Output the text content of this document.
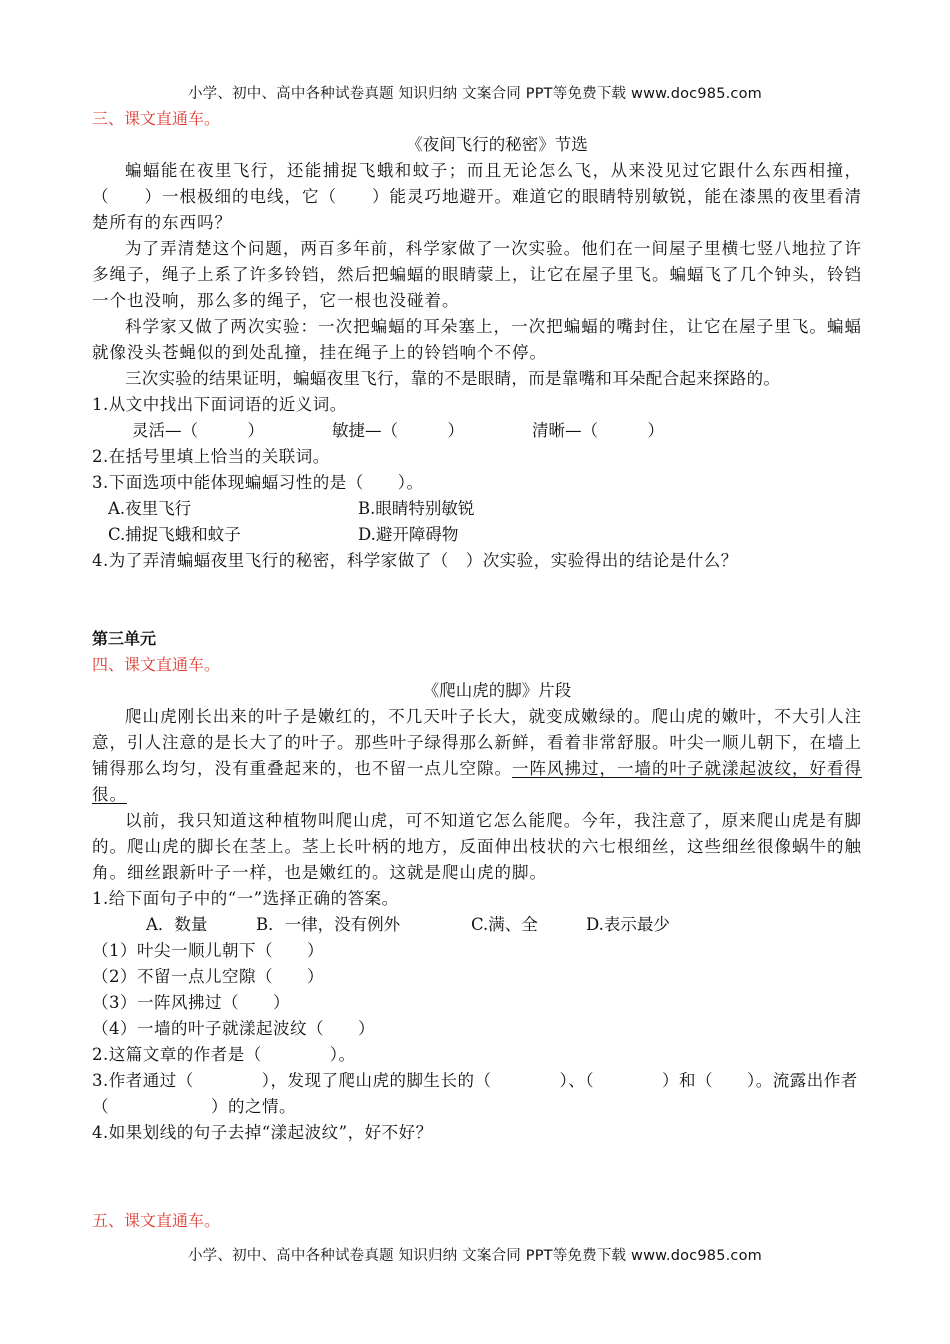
小学、初中、高中各种试卷真题 知识归纳 文案合同 PPT等免费下载 www.doc985.com

三、课文直通车。

《夜间飞行的秘密》节选

蝙蝠能在夜里飞行，还能捕捉飞蛾和蚊子；而且无论怎么飞，从来没见过它跟什么东西相撞，（　　）一根极细的电线，它（　　）能灵巧地避开。难道它的眼睛特别敏锐，能在漆黑的夜里看清楚所有的东西吗？

为了弄清楚这个问题，两百多年前，科学家做了一次实验。他们在一间屋子里横七竖八地拉了许多绳子，绳子上系了许多铃铛，然后把蝙蝠的眼睛蒙上，让它在屋子里飞。蝙蝠飞了几个钟头，铃铛一个也没响，那么多的绳子，它一根也没碰着。

科学家又做了两次实验：一次把蝙蝠的耳朵塞上，一次把蝙蝠的嘴封住，让它在屋子里飞。蝙蝠就像没头苍蝇似的到处乱撞，挂在绳子上的铃铛响个不停。

三次实验的结果证明，蝙蝠夜里飞行，靠的不是眼睛，而是靠嘴和耳朵配合起来探路的。

1.从文中找出下面词语的近义词。

灵活—（　　　）	敏捷—（　　　）	清晰—（　　　）

2.在括号里填上恰当的关联词。

3.下面选项中能体现蝙蝠习性的是（　　）。

A.夜里飞行	B.眼睛特别敏锐
C.捕捉飞蛾和蚊子	D.避开障碍物

4.为了弄清蝙蝠夜里飞行的秘密，科学家做了（　）次实验，实验得出的结论是什么？

第三单元

四、课文直通车。

《爬山虎的脚》片段

爬山虎刚长出来的叶子是嫩红的，不几天叶子长大，就变成嫩绿的。爬山虎的嫩叶，不大引人注意，引人注意的是长大了的叶子。那些叶子绿得那么新鲜，看着非常舒服。叶尖一顺儿朝下，在墙上铺得那么均匀，没有重叠起来的，也不留一点儿空隙。一阵风拂过，一墙的叶子就漾起波纹，好看得很。

以前，我只知道这种植物叫爬山虎，可不知道它怎么能爬。今年，我注意了，原来爬山虎是有脚的。爬山虎的脚长在茎上。茎上长叶柄的地方，反面伸出枝状的六七根细丝，这些细丝很像蜗牛的触角。细丝跟新叶子一样，也是嫩红的。这就是爬山虎的脚。

1.给下面句子中的“一”选择正确的答案。

A．数量	B．一律，没有例外	C.满、全	D.表示最少

（1）叶尖一顺儿朝下（　　）

（2）不留一点儿空隙（　　）

（3）一阵风拂过（　　）

（4）一墙的叶子就漾起波纹（　　）

2.这篇文章的作者是（　　　　）。

3.作者通过（　　　　），发现了爬山虎的脚生长的（　　　　）、（　　　　）和（　　）。流露出作者（　　　　　　）的之情。

4.如果划线的句子去掉“漾起波纹”，好不好？

五、课文直通车。

小学、初中、高中各种试卷真题 知识归纳 文案合同 PPT等免费下载 www.doc985.com
